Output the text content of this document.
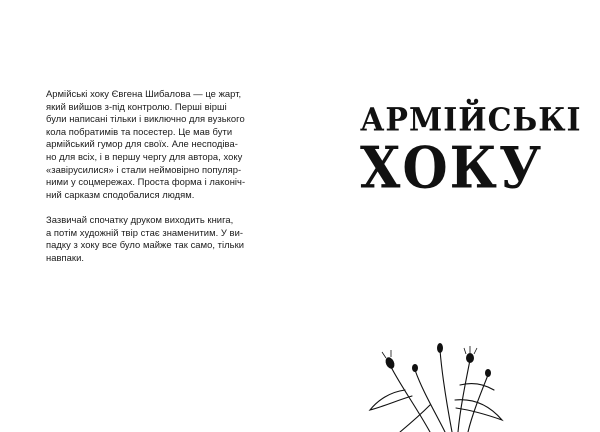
Армійські хоку Євгена Шибалова — це жарт,
який вийшов з-під контролю. Перші вірші
були написані тільки і виключно для вузького
кола побратимів та посестер. Це мав бути
армійський гумор для своїх. Але несподіва-
но для всіх, і в першу чергу для автора, хоку
«завірусилися» і стали неймовірно популяр-
ними у соцмережах. Проста форма і лаконіч-
ний сарказм сподобалися людям.

Зазвичай спочатку друком виходить книга,
а потім художній твір стає знаменитим. У ви-
падку з хоку все було майже так само, тільки
навпаки.

АРМІЙСЬКІ
ХОКУ
